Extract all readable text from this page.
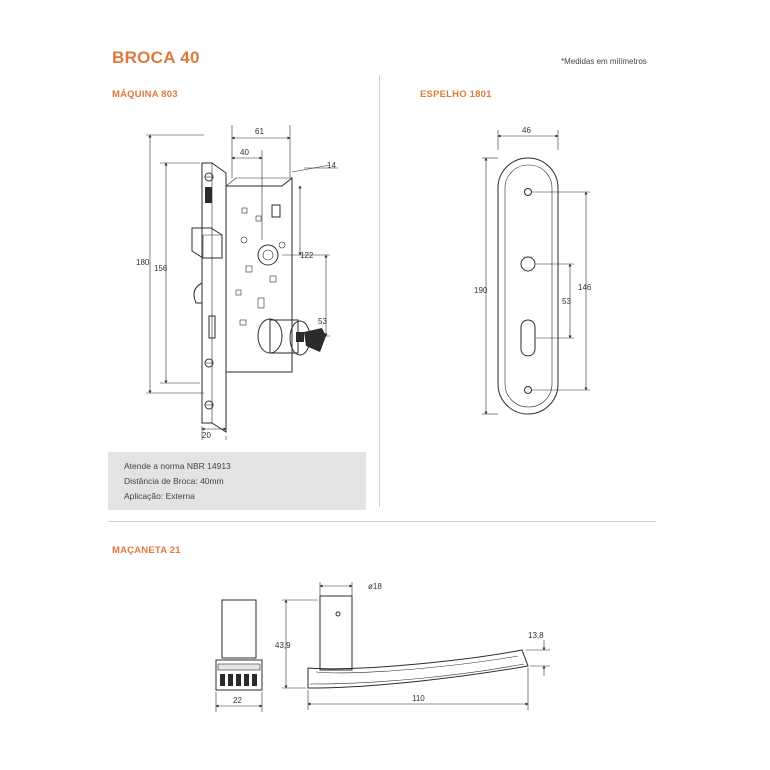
BROCA 40	*Medidas em milímetros
MÁQUINA 803	ESPELHO 1801
MAÇANETA 21
Atende a norma NBR 14913
Distância de Broca: 40mm
Aplicação: Externa
61
40
14
180
156
122
53
20
46
190	146
53
22
ø18
43,9
13,8
110
